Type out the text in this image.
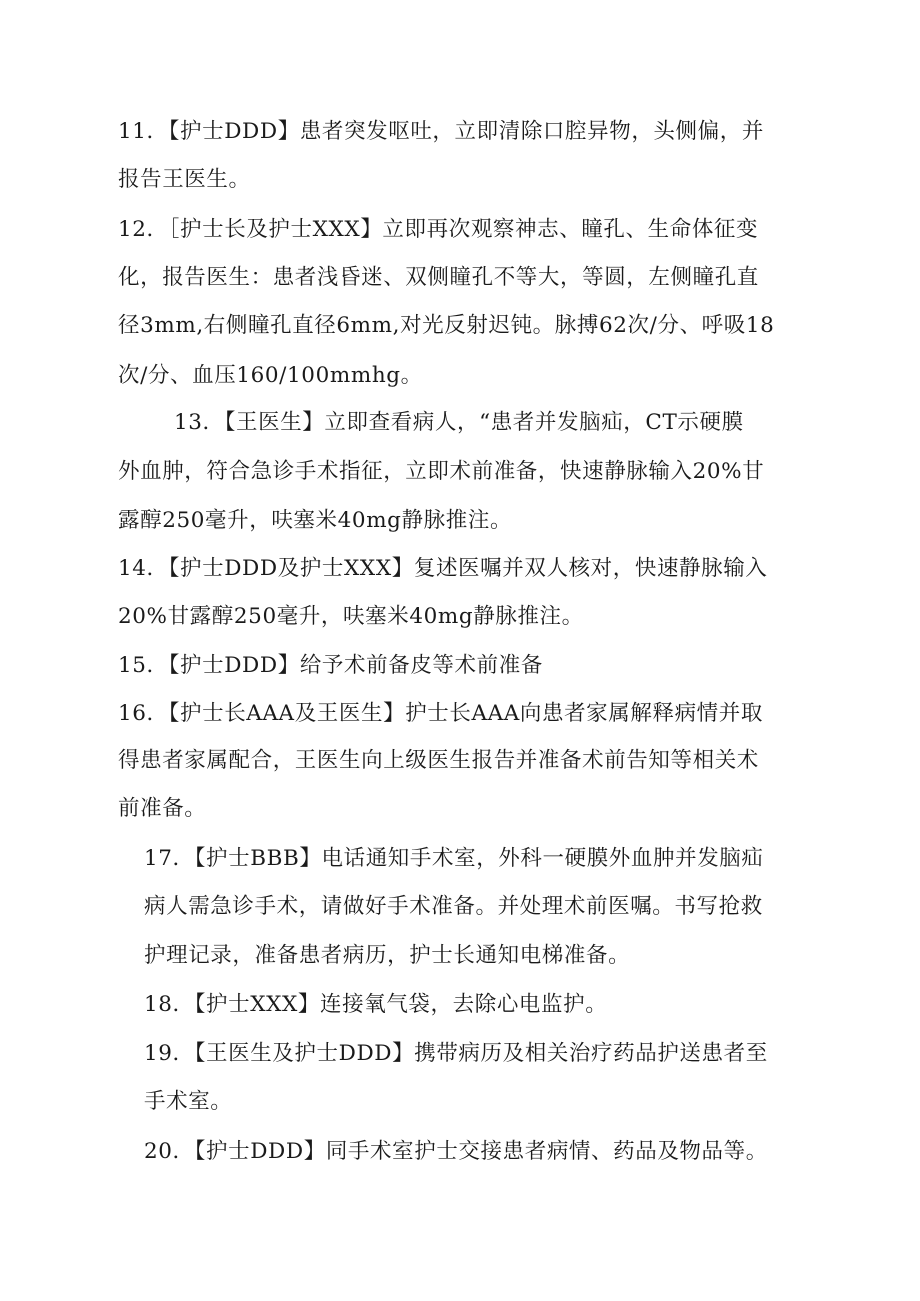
11．【护士DDD】患者突发呕吐，立即清除口腔异物，头侧偏，并

报告王医生。

12．［护士长及护士XXX】立即再次观察神志、瞳孔、生命体征变

化，报告医生：患者浅昏迷、双侧瞳孔不等大，等圆，左侧瞳孔直

径3mm,右侧瞳孔直径6mm,对光反射迟钝。脉搏62次/分、呼吸18

次/分、血压160/100mmhg。

13．【王医生】立即查看病人，“患者并发脑疝，CT示硬膜

外血肿，符合急诊手术指征，立即术前准备，快速静脉输入20%甘

露醇250毫升，呋塞米40mg静脉推注。

14．【护士DDD及护士XXX】复述医嘱并双人核对，快速静脉输入

20%甘露醇250毫升，呋塞米40mg静脉推注。

15．【护士DDD】给予术前备皮等术前准备

16．【护士长AAA及王医生】护士长AAA向患者家属解释病情并取

得患者家属配合，王医生向上级医生报告并准备术前告知等相关术

前准备。

17．【护士BBB】电话通知手术室，外科一硬膜外血肿并发脑疝

病人需急诊手术，请做好手术准备。并处理术前医嘱。书写抢救

护理记录，准备患者病历，护士长通知电梯准备。

18．【护士XXX】连接氧气袋，去除心电监护。

19．【王医生及护士DDD】携带病历及相关治疗药品护送患者至

手术室。

20．【护士DDD】同手术室护士交接患者病情、药品及物品等。
